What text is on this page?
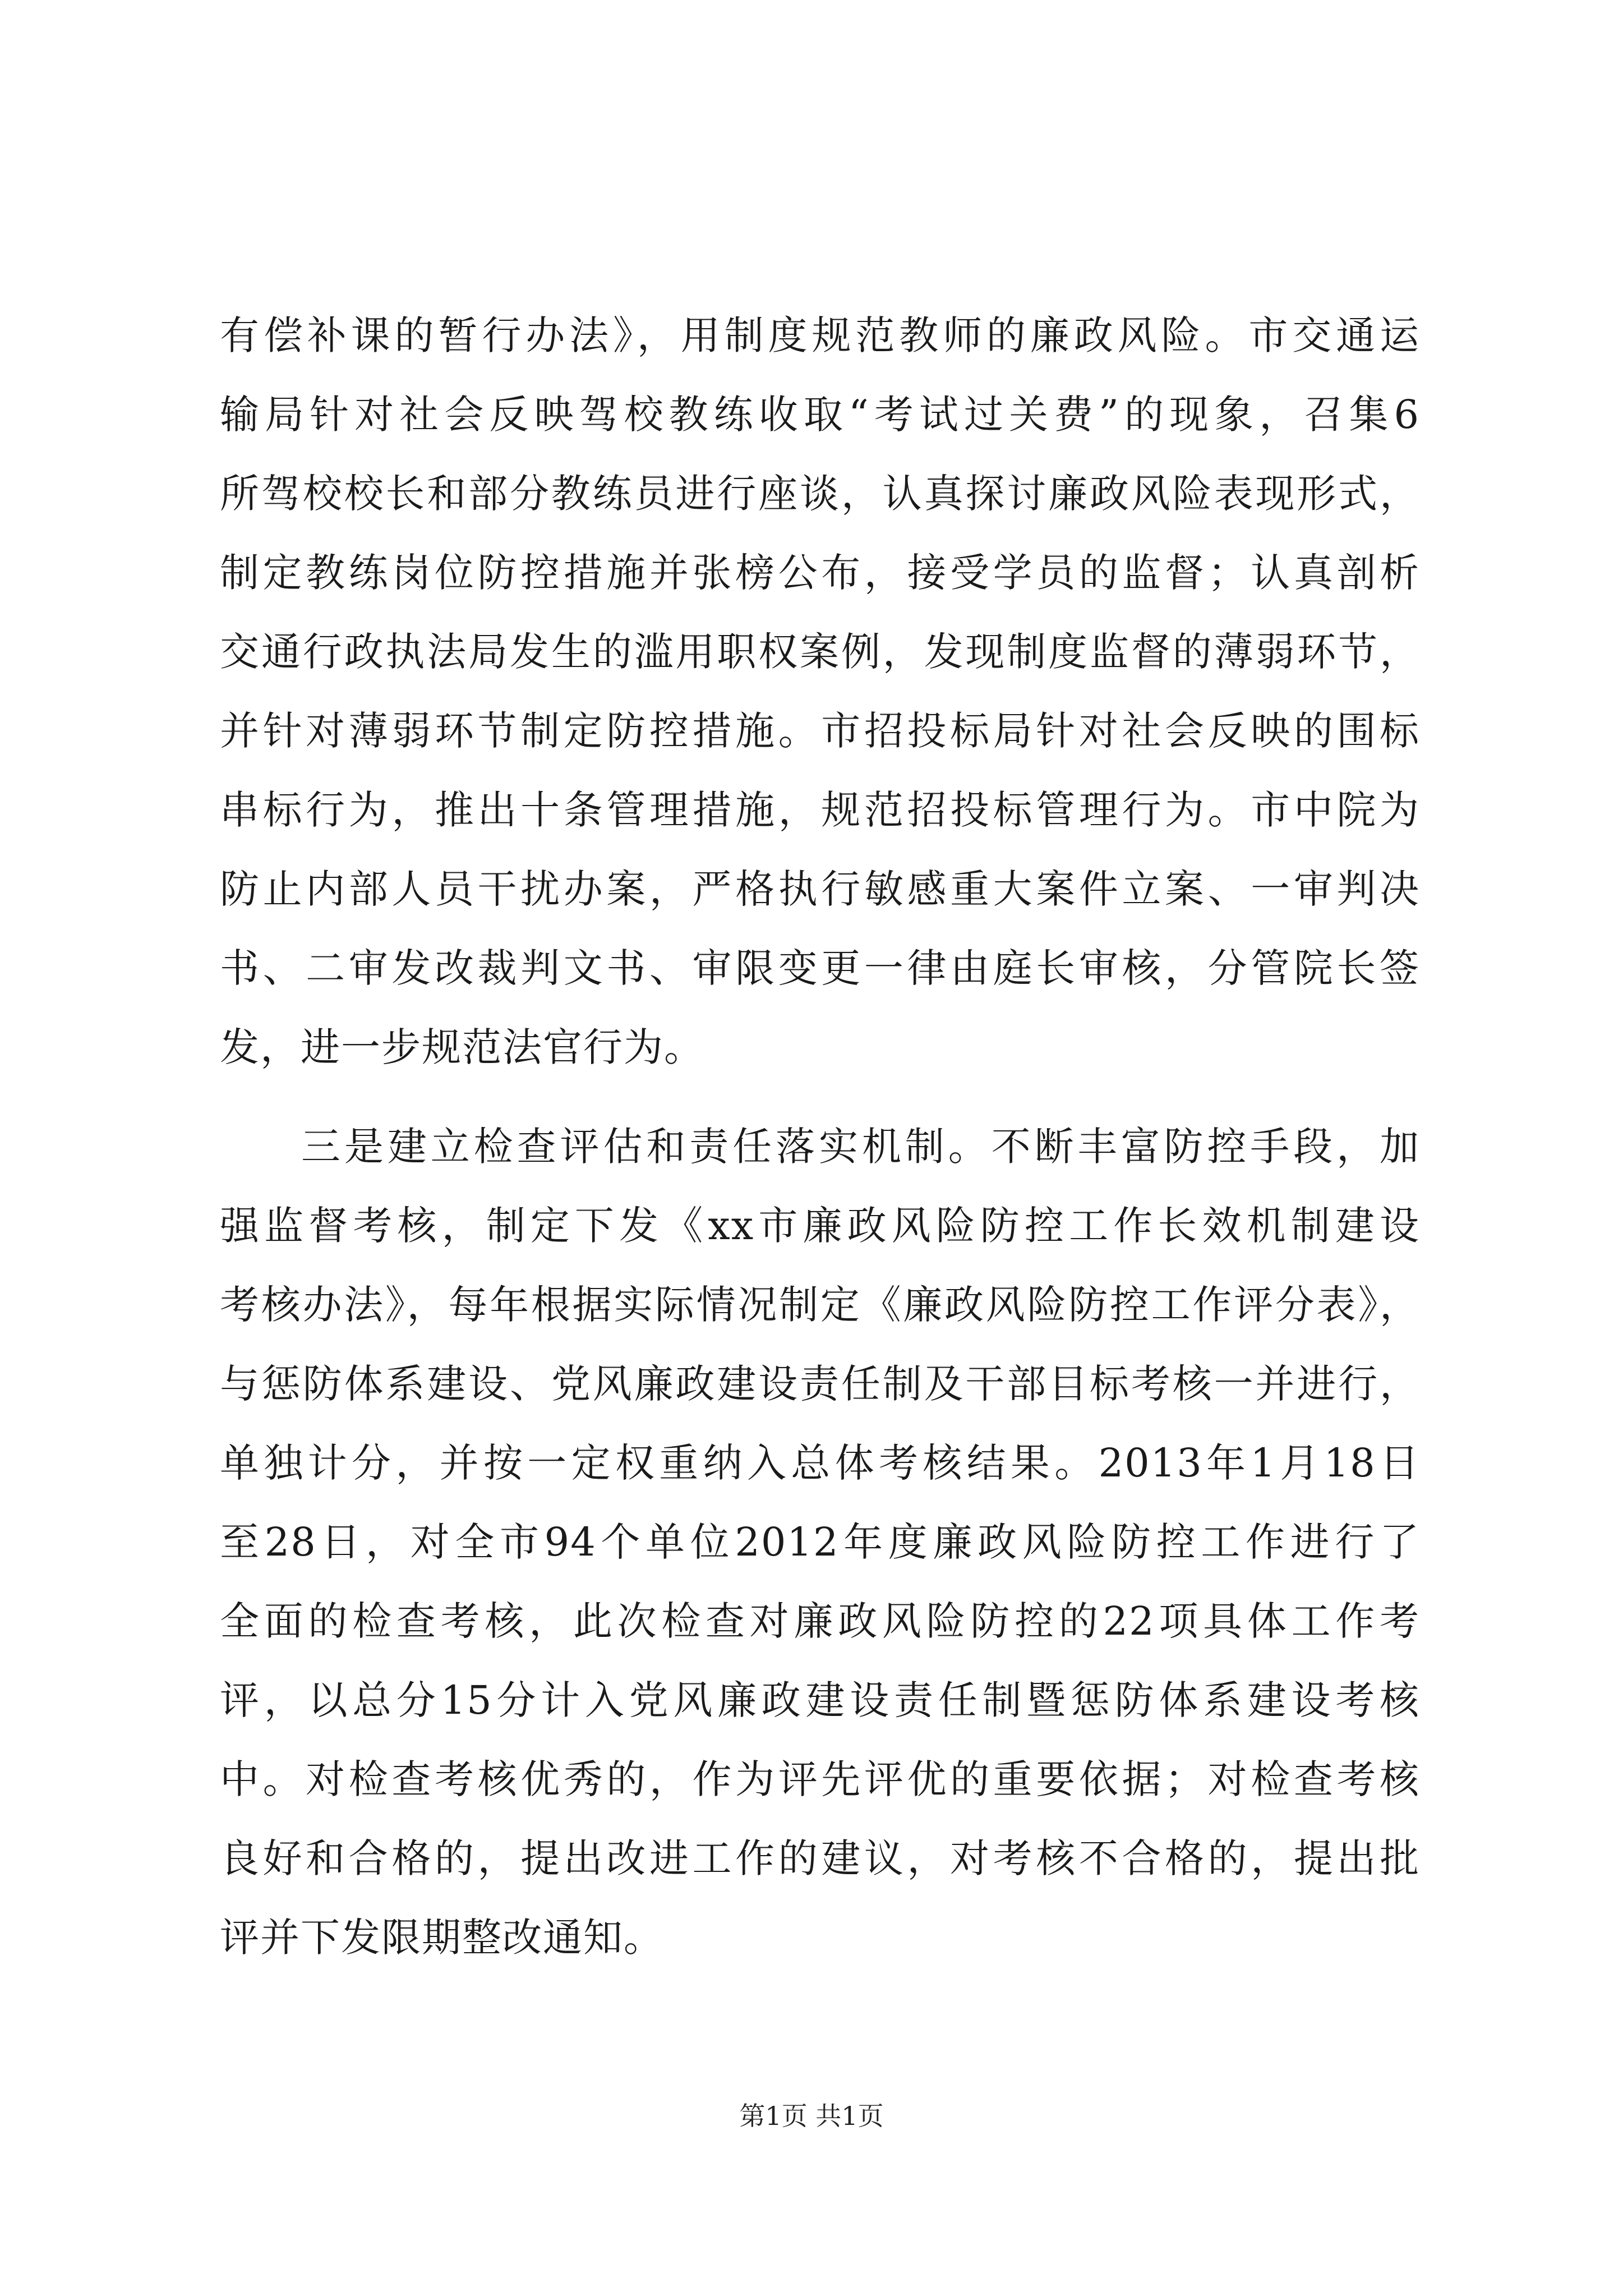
有偿补课的暂行办法》，用制度规范教师的廉政风险。市交通运
输局针对社会反映驾校教练收取“考试过关费”的现象，召集6
所驾校校长和部分教练员进行座谈，认真探讨廉政风险表现形式，
制定教练岗位防控措施并张榜公布，接受学员的监督；认真剖析
交通行政执法局发生的滥用职权案例，发现制度监督的薄弱环节，
并针对薄弱环节制定防控措施。市招投标局针对社会反映的围标
串标行为，推出十条管理措施，规范招投标管理行为。市中院为
防止内部人员干扰办案，严格执行敏感重大案件立案、一审判决
书、二审发改裁判文书、审限变更一律由庭长审核，分管院长签
发，进一步规范法官行为。
三是建立检查评估和责任落实机制。不断丰富防控手段，加
强监督考核，制定下发《xx市廉政风险防控工作长效机制建设
考核办法》，每年根据实际情况制定《廉政风险防控工作评分表》，
与惩防体系建设、党风廉政建设责任制及干部目标考核一并进行，
单独计分，并按一定权重纳入总体考核结果。2013年1月18日
至28日，对全市94个单位2012年度廉政风险防控工作进行了
全面的检查考核，此次检查对廉政风险防控的22项具体工作考
评，以总分15分计入党风廉政建设责任制暨惩防体系建设考核
中。对检查考核优秀的，作为评先评优的重要依据；对检查考核
良好和合格的，提出改进工作的建议，对考核不合格的，提出批
评并下发限期整改通知。
第1页 共1页
